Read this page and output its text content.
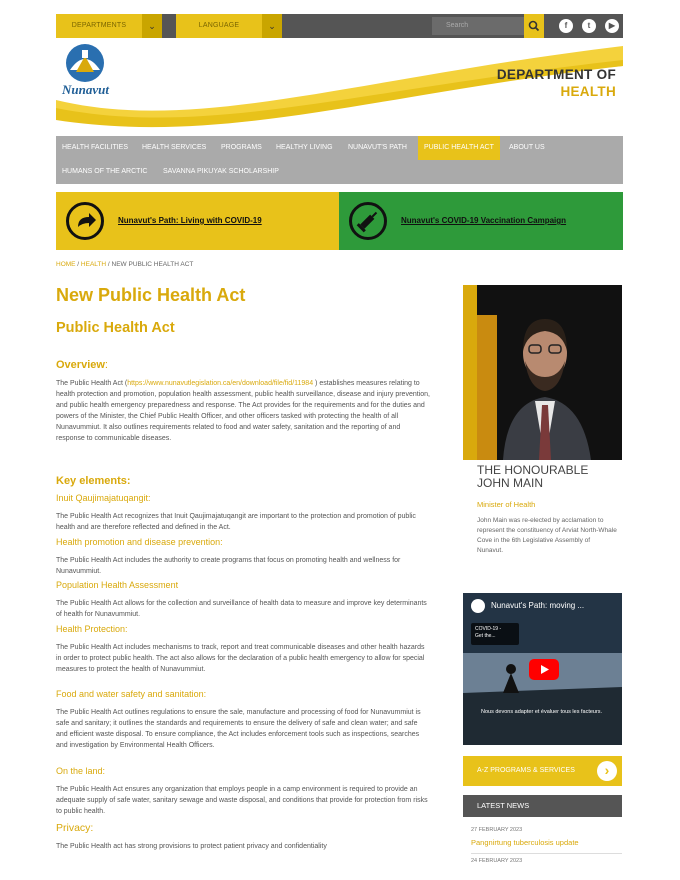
DEPARTMENTS	⌄	LANGUAGE	⌄	Search	f	t	▶
Nunavut
DEPARTMENT OF
HEALTH
HEALTH FACILITIES	HEALTH SERVICES	PROGRAMS	HEALTHY LIVING	NUNAVUT'S PATH	PUBLIC HEALTH ACT	ABOUT US
HUMANS OF THE ARCTIC	SAVANNA PIKUYAK SCHOLARSHIP
Nunavut's Path: Living with COVID-19	Nunavut's COVID-19 Vaccination Campaign
HOME / HEALTH / NEW PUBLIC HEALTH ACT
New Public Health Act
Public Health Act
Overview:
The Public Health Act (https://www.nunavutlegislation.ca/en/download/file/fid/11984 ) establishes measures relating to health protection and promotion, population health assessment, public health surveillance, disease and injury prevention, and public health emergency preparedness and response. The Act provides for the requirements and for the duties and powers of the Minister, the Chief Public Health Officer, and other officers tasked with protecting the health of all Nunavummiut. It also outlines requirements related to food and water safety, sanitation and the reporting of and response to communicable diseases.
Key elements:
Inuit Qaujimajatuqangit:
The Public Health Act recognizes that Inuit Qaujimajatuqangit are important to the protection and promotion of public health and are therefore reflected and defined in the Act.
Health promotion and disease prevention:
The Public Health Act includes the authority to create programs that focus on promoting health and wellness for Nunavummiut.
Population Health Assessment
The Public Health Act allows for the collection and surveillance of health data to measure and improve key determinants of health for Nunavummiut.
Health Protection:
The Public Health Act includes mechanisms to track, report and treat communicable diseases and other health hazards in order to protect public health. The act also allows for the declaration of a public health emergency to allow for special measures to protect the health of Nunavummiut.
Food and water safety and sanitation:
The Public Health Act outlines regulations to ensure the sale, manufacture and processing of food for Nunavummiut is safe and sanitary; it outlines the standards and requirements to ensure the delivery of safe and clean water; and safe and efficient waste disposal. To ensure compliance, the Act includes enforcement tools such as inspections, searches and investigation by Environmental Health Officers.
On the land:
The Public Health Act ensures any organization that employs people in a camp environment is required to provide an adequate supply of safe water, sanitary sewage and waste disposal, and conditions that provide for protection from risks to public health.
Privacy:
The Public Health act has strong provisions to protect patient privacy and confidentiality
THE HONOURABLE
JOHN MAIN
Minister of Health
John Main was re-elected by acclamation to represent the constituency of Arviat North-Whale Cove in the 6th Legislative Assembly of Nunavut.
Nunavut's Path: moving ...
COVID-19 -
Get the...
Nous devons adapter et évaluer tous les facteurs.
A-Z PROGRAMS & SERVICES	›
LATEST NEWS
27 FEBRUARY 2023
Pangnirtung tuberculosis update
24 FEBRUARY 2023
